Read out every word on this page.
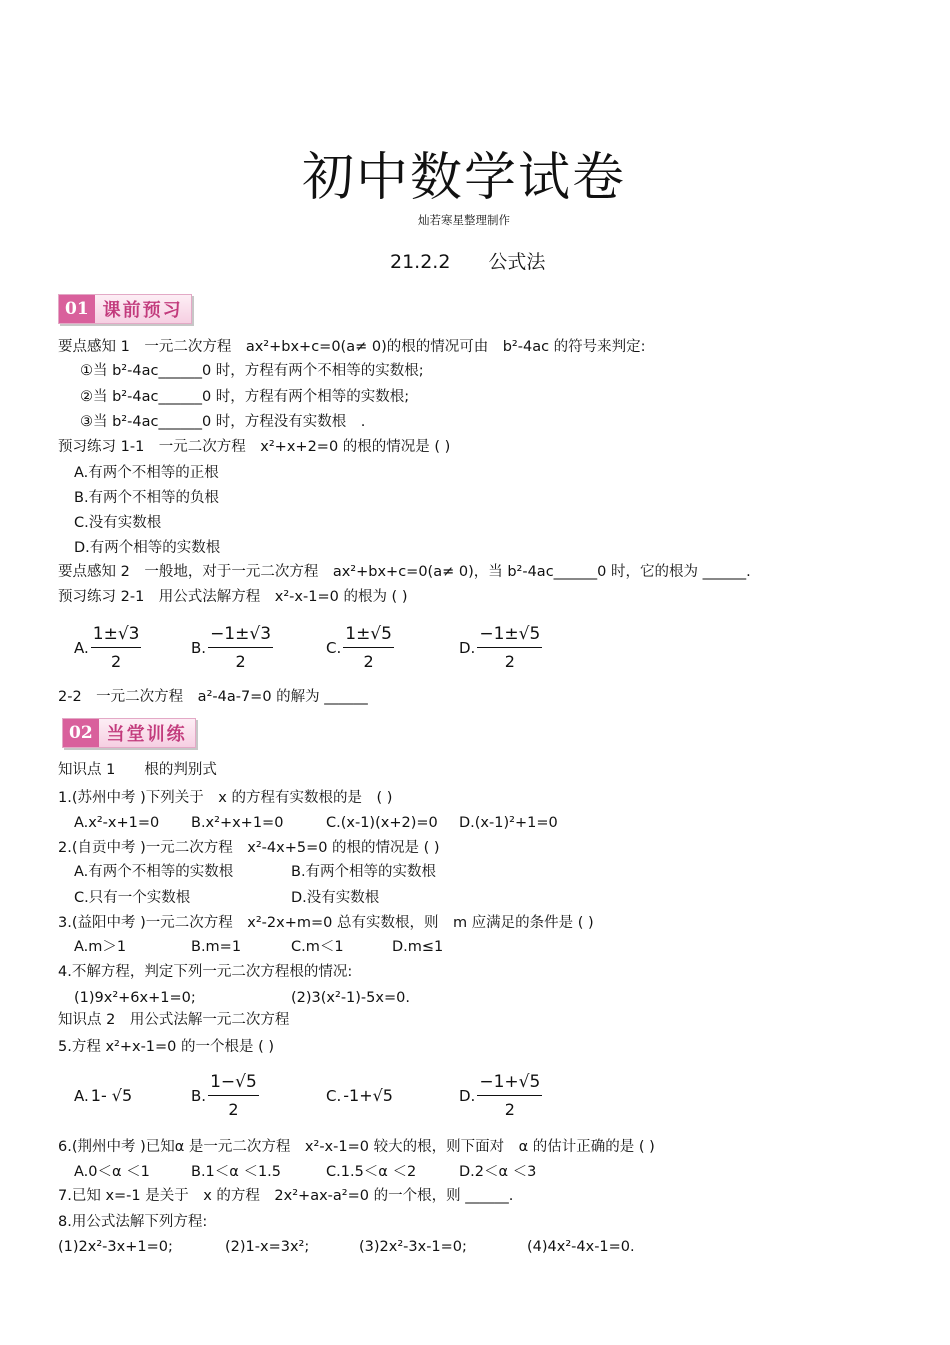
初中数学试卷
灿若寒星整理制作
21.2.2　　公式法
01 课前预习
要点感知 1　一元二次方程　ax²+bx+c=0(a≠ 0)的根的情况可由　b²-4ac 的符号来判定:
①当 b²-4ac______0 时，方程有两个不相等的实数根;
②当 b²-4ac______0 时，方程有两个相等的实数根;
③当 b²-4ac______0 时，方程没有实数根　.
预习练习 1-1　一元二次方程　x²+x+2=0 的根的情况是 ( )
A.有两个不相等的正根
B.有两个不相等的负根
C.没有实数根
D.有两个相等的实数根
要点感知 2　一般地，对于一元二次方程　ax²+bx+c=0(a≠ 0)，当 b²-4ac______0 时，它的根为 ______.
预习练习 2-1　用公式法解方程　x²-x-1=0 的根为 ( )
A. $\frac{1\pm√3}{2}$	B. $\frac{-1\pm√3}{2}$	C. $\frac{1\pm√5}{2}$	D. $\frac{-1\pm√5}{2}$
2-2　一元二次方程　a²-4a-7=0 的解为 ______
02 当堂训练
知识点 1　　根的判别式
1.(苏州中考 )下列关于　x 的方程有实数根的是　( )
A.x²-x+1=0 B.x²+x+1=0	C.(x-1)(x+2)=0 D.(x-1)²+1=0
2.(自贡中考 )一元二次方程　x²-4x+5=0 的根的情况是 ( )
A.有两个不相等的实数根	B.有两个相等的实数根
C.只有一个实数根	D.没有实数根
3.(益阳中考 )一元二次方程　x²-2x+m=0 总有实数根，则　m 应满足的条件是 ( )
A.m＞1	B.m=1	C.m＜1	D.m≤1
4.不解方程，判定下列一元二次方程根的情况:
(1)9x²+6x+1=0;	(2)3(x²-1)-5x=0.
知识点 2　用公式法解一元二次方程
5.方程 x²+x-1=0 的一个根是 ( )
A. 1- √5	B. $\frac{1-√5}{2}$	C. -1+√5	D. $\frac{-1+√5}{2}$
6.(荆州中考 )已知α 是一元二次方程　x²-x-1=0 较大的根，则下面对　α 的估计正确的是 ( )
A.0＜α ＜1	B.1＜α ＜1.5	C.1.5＜α ＜2	D.2＜α ＜3
7.已知 x=-1 是关于　x 的方程　2x²+ax-a²=0 的一个根，则 ______.
8.用公式法解下列方程:
(1)2x²-3x+1=0;	(2)1-x=3x²;	(3)2x²-3x-1=0;	(4)4x²-4x-1=0.
